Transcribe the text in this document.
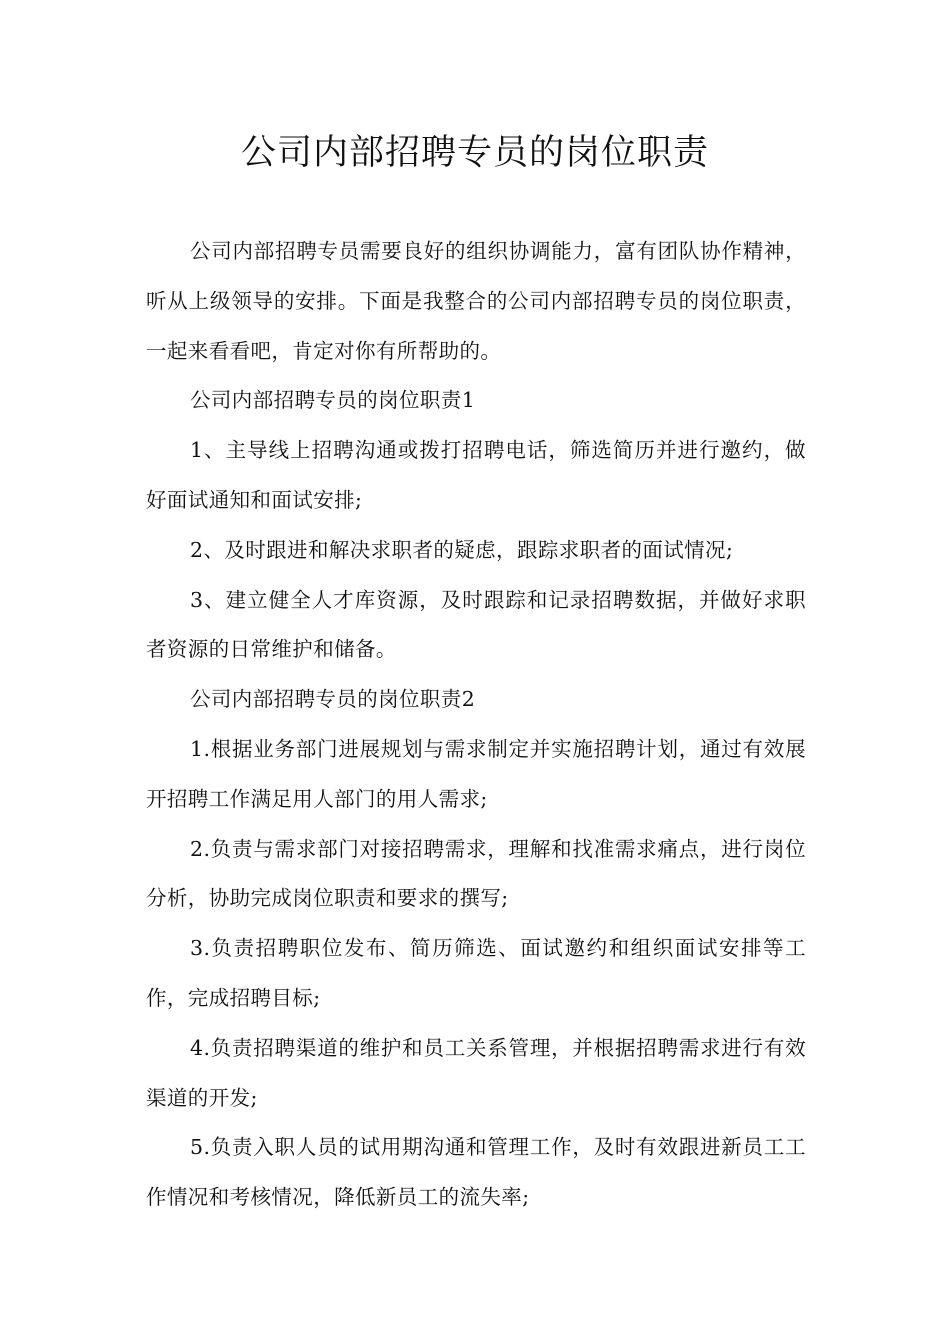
公司内部招聘专员的岗位职责

公司内部招聘专员需要良好的组织协调能力，富有团队协作精神，听从上级领导的安排。下面是我整合的公司内部招聘专员的岗位职责，一起来看看吧，肯定对你有所帮助的。

公司内部招聘专员的岗位职责1

1、主导线上招聘沟通或拨打招聘电话，筛选简历并进行邀约，做好面试通知和面试安排;

2、及时跟进和解决求职者的疑虑，跟踪求职者的面试情况;

3、建立健全人才库资源，及时跟踪和记录招聘数据，并做好求职者资源的日常维护和储备。

公司内部招聘专员的岗位职责2

1.根据业务部门进展规划与需求制定并实施招聘计划，通过有效展开招聘工作满足用人部门的用人需求;

2.负责与需求部门对接招聘需求，理解和找准需求痛点，进行岗位分析，协助完成岗位职责和要求的撰写;

3.负责招聘职位发布、简历筛选、面试邀约和组织面试安排等工作，完成招聘目标;

4.负责招聘渠道的维护和员工关系管理，并根据招聘需求进行有效渠道的开发;

5.负责入职人员的试用期沟通和管理工作，及时有效跟进新员工工作情况和考核情况，降低新员工的流失率;
